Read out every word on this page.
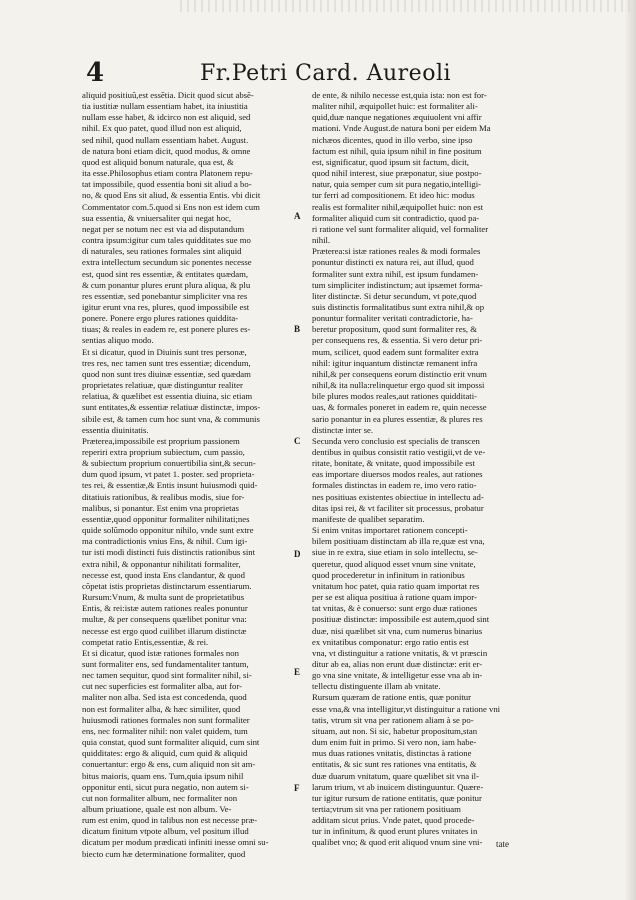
4	Fr.Petri Card. Aureoli
aliquid positiuũ,est essẽtia. Dicit quod sicut absẽ-
tia iustitiæ nullam essentiam habet, ita iniustitia
nullam esse habet, & idcirco non est aliquid, sed
nihil. Ex quo patet, quod illud non est aliquid,
sed nihil, quod nullam essentiam habet. August.
de natura boni etiam dicit, quod modus, & omne
quod est aliquid bonum naturale, qua est, &
ita esse.Philosophus etiam contra Platonem repu-
tat impossibile, quod essentia boni sit aliud a bo-
no, & quod Ens sit aliud, & essentia Entis. vbi dicit
Commentator com.5.quod si Ens non est idem cum
sua essentia, & vniuersaliter qui negat hoc,
negat per se notum nec est via ad disputandum
contra ipsum:igitur cum tales quidditates sue mo
di naturales, seu rationes formales sint aliquid
extra intellectum secundum sic ponentes necesse
est, quod sint res essentiæ, & entitates quædam,
& cum ponantur plures erunt plura aliqua, & plu
res essentiæ, sed ponebantur simpliciter vna res
igitur erunt vna res, plures, quod impossibile est
ponere. Ponere ergo plures rationes quiddita-
tiuas; & reales in eadem re, est ponere plures es-
sentias aliquo modo.
Et si dicatur, quod in Diuinis sunt tres personæ,
tres res, nec tamen sunt tres essentiæ; dicendum,
quod non sunt tres diuinæ essentiæ, sed quædam
proprietates relatiuæ, quæ distinguntur realiter
relatiua, & quælibet est essentia diuina, sic etiam
sunt entitates,& essentiæ relatiuæ distinctæ, impos-
sibile est, & tamen cum hoc sunt vna, & communis
essentia diuinitatis.
Præterea,impossibile est proprium passionem
reperiri extra proprium subiectum, cum passio,
& subiectum proprium conuertibilia sint,& secun-
dum quod ipsum, vt patet 1. poster. sed proprieta-
tes rei, & essentiæ,& Entis insunt huiusmodi quid-
ditatiuis rationibus, & realibus modis, siue for-
malibus, si ponantur. Est enim vna proprietas
essentiæ,quod opponitur formaliter nihilitati;nes
quide solũmodo opponitur nihilo, vnde sunt extre
ma contradictionis vnius Ens, & nihil. Cum igi-
tur isti modi distincti fuis distinctis rationibus sint
extra nihil, & opponantur nihilitati formaliter,
necesse est, quod insta Ens clandantur, & quod
cõpetat istis proprietas distinctarum essentiarum.
Rursum:Vnum, & multa sunt de proprietatibus
Entis, & rei:istæ autem rationes reales ponuntur
multæ, & per consequens quælibet ponitur vna:
necesse est ergo quod cuilibet illarum distinctæ
competat ratio Entis,essentiæ, & rei.
Et si dicatur, quod istæ rationes formales non
sunt formaliter ens, sed fundamentaliter tantum,
nec tamen sequitur, quod sint formaliter nihil, si-
cut nec superficies est formaliter alba, aut for-
maliter non alba. Sed ista est concedenda, quod
non est formaliter alba, & hæc similiter, quod
huiusmodi rationes formales non sunt formaliter
ens, nec formaliter nihil: non valet quidem, tum
quia constat, quod sunt formaliter aliquid, cum sint
quidditates: ergo & aliquid, cum quid & aliquid
conuertantur: ergo & ens, cum aliquid non sit am-
bitus maioris, quam ens. Tum,quia ipsum nihil
opponitur enti, sicut pura negatio, non autem si-
cut non formaliter album, nec formaliter non
album priuatione, quale est non album. Ve-
rum est enim, quod in talibus non est necesse præ-
dicatum finitum vtpote album, vel positum illud
dicatum per modum prædicati infiniti inesse omni su-
biecto cum hæ determinatione formaliter, quod
de ente, & nihilo necesse est,quia ista: non est for-
maliter nihil, æquipollet huic: est formaliter ali-
quid,duæ nanque negationes æquiuolent vni affir
mationi. Vnde August.de natura boni per eidem Ma
nichæos dicentes, quod in illo verbo, sine ipso
factum est nihil, quia ipsum nihil in fine positum
est, significatur, quod ipsum sit factum, dicit,
quod nihil interest, siue præponatur, siue postpo-
natur, quia semper cum sit pura negatio,intelligi-
tur ferri ad compositionem. Et ideo hic: modus
realis est formaliter nihil,æquipollet huic: non est
formaliter aliquid cum sit contradictio, quod pa-
ri ratione vel sunt formaliter aliquid, vel formaliter
nihil.
Præterea:si istæ rationes reales & modi formales
ponuntur distincti ex natura rei, aut illud, quod
formaliter sunt extra nihil, est ipsum fundamen-
tum simpliciter indistinctum; aut ipsæmet forma-
liter distinctæ. Si detur secundum, vt pote,quod
suis distinctis formalitatibus sunt extra nihil,& op
ponuntur formaliter veritati contradictorie, ha-
beretur propositum, quod sunt formaliter res, &
per consequens res, & essentia. Si vero detur pri-
mum, scilicet, quod eadem sunt formaliter extra
nihil: igitur inquantum distinctæ remanent infra
nihil,& per consequens eorum distinctio erit vnum
nihil,& ita nulla:relinquetur ergo quod sit impossi
bile plures modos reales,aut rationes quidditati-
uas, & formales poneret in eadem re, quin necesse
sario ponantur in ea plures essentiæ, & plures res
distinctæ inter se.
Secunda vero conclusio est specialis de transcen
dentibus in quibus consistit ratio vestigii,vt de ve-
ritate, bonitate, & vnitate, quod impossibile est
eas importare diuersos modos reales, aut rationes
formales distinctas in eadem re, imo vero ratio-
nes positiuas existentes obiectiue in intellectu ad-
ditas ipsi rei, & vt faciliter sit processus, probatur
manifeste de qualibet separatim.
Si enim vnitas importaret rationem concepti-
bilem positiuam distinctam ab illa re,quæ est vna,
siue in re extra, siue etiam in solo intellectu, se-
queretur, quod aliquod esset vnum sine vnitate,
quod procederetur in infinitum in rationibus
vnitatum hoc patet, quia ratio quam importat res
per se est aliqua positiua à ratione quam impor-
tat vnitas, & è conuerso: sunt ergo duæ rationes
positiuæ distinctæ: impossibile est autem,quod sint
duæ, nisi quælibet sit vna, cum numerus binarius
ex vnitatibus componatur: ergo ratio entis est
vna, vt distinguitur a ratione vnitatis, & vt præscin
ditur ab ea, alias non erunt duæ distinctæ: erit er-
go vna sine vnitate, & intelligetur esse vna ab in-
tellectu distinguente illam ab vnitate.
Rursum quæram de ratione entis, quæ ponitur
esse vna,& vna intelligitur,vt distinguitur a ratione vni
tatis, vtrum sit vna per rationem aliam à se po-
situam, aut non. Si sic, habetur propositum,stan
dum enim fuit in primo. Si vero non, iam habe-
mus duas rationes vnitatis, distinctas à ratione
entitatis, & sic sunt res rationes vna entitatis, &
duæ duarum vnitatum, quare quælibet sit vna il-
larum trium, vt ab inuicem distinguuntur. Quære-
tur igitur rursum de ratione entitatis, quæ ponitur
tertia;vtrum sit vna per rationem positiuam
additam sicut prius. Vnde patet, quod procede-
tur in infinitum, & quod erunt plures vnitates in
qualibet vno; & quod erit aliquod vnum sine vni-
A
B
C
D
E
F
tate
